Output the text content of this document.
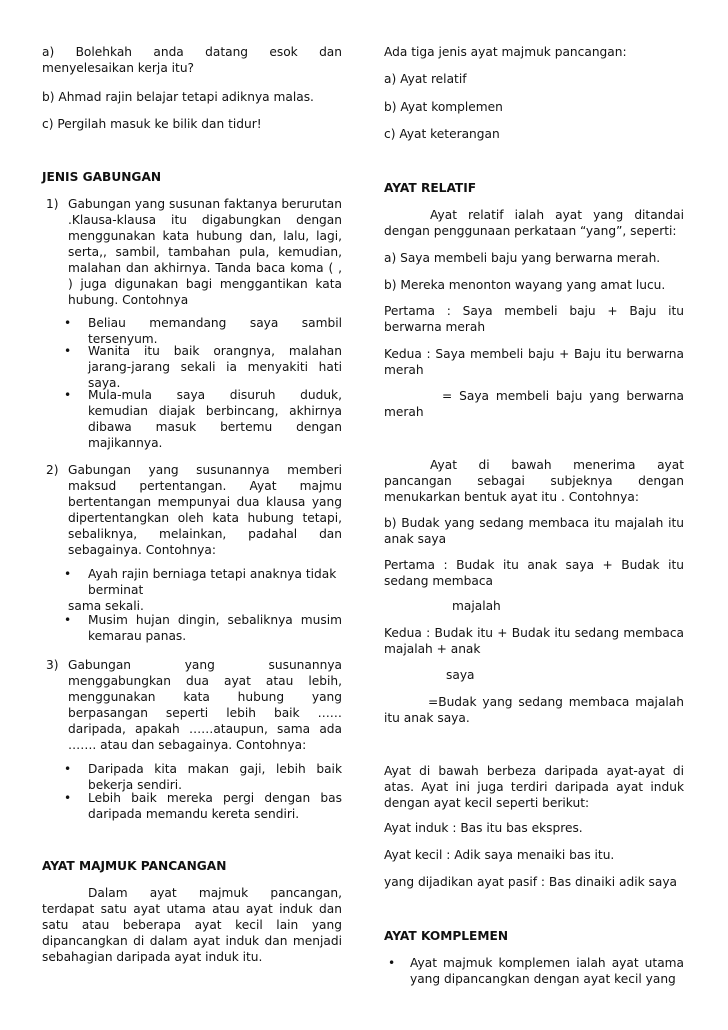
a) Bolehkah anda datang esok dan menyelesaikan kerja itu?

b) Ahmad rajin belajar tetapi adiknya malas.

c) Pergilah masuk ke bilik dan tidur!

JENIS GABUNGAN

1) Gabungan yang susunan faktanya berurutan .Klausa-klausa itu digabungkan dengan menggunakan kata hubung dan, lalu, lagi, serta,, sambil, tambahan pula, kemudian, malahan dan akhirnya. Tanda baca koma ( , ) juga digunakan bagi menggantikan kata hubung. Contohnya

• Beliau memandang saya sambil tersenyum.

• Wanita itu baik orangnya, malahan jarang-jarang sekali ia menyakiti hati saya.

• Mula-mula saya disuruh duduk, kemudian diajak berbincang, akhirnya dibawa masuk bertemu dengan majikannya.

2) Gabungan yang susunannya memberi maksud pertentangan. Ayat majmu bertentangan mempunyai dua klausa yang dipertentangkan oleh kata hubung tetapi, sebaliknya, melainkan, padahal dan sebagainya. Contohnya:

• Ayah rajin berniaga tetapi anaknya tidak berminat

sama sekali.

• Musim hujan dingin, sebaliknya musim kemarau panas.

3) Gabungan yang susunannya menggabungkan dua ayat atau lebih, menggunakan kata hubung yang berpasangan seperti lebih baik …… daripada, apakah ……ataupun, sama ada ……. atau dan sebagainya. Contohnya:

• Daripada kita makan gaji, lebih baik bekerja sendiri.

• Lebih baik mereka pergi dengan bas daripada memandu kereta sendiri.

AYAT MAJMUK PANCANGAN

Dalam ayat majmuk pancangan, terdapat satu ayat utama atau ayat induk dan satu atau beberapa ayat kecil lain yang dipancangkan di dalam ayat induk dan menjadi sebahagian daripada ayat induk itu.

Ada tiga jenis ayat majmuk pancangan:

a) Ayat relatif

b) Ayat komplemen

c) Ayat keterangan

AYAT RELATIF

Ayat relatif ialah ayat yang ditandai dengan penggunaan perkataan “yang”, seperti:

a) Saya membeli baju yang berwarna merah.

b) Mereka menonton wayang yang amat lucu.

Pertama : Saya membeli baju + Baju itu berwarna merah

Kedua : Saya membeli baju + Baju itu berwarna merah

= Saya membeli baju yang berwarna merah

Ayat di bawah menerima ayat pancangan sebagai subjeknya dengan menukarkan bentuk ayat itu . Contohnya:

b) Budak yang sedang membaca itu majalah itu anak saya

Pertama : Budak itu anak saya + Budak itu sedang membaca

majalah

Kedua : Budak itu + Budak itu sedang membaca majalah + anak

saya

=Budak yang sedang membaca majalah itu anak saya.

Ayat di bawah berbeza daripada ayat-ayat di atas. Ayat ini juga terdiri daripada ayat induk dengan ayat kecil seperti berikut:

Ayat induk : Bas itu bas ekspres.

Ayat kecil : Adik saya menaiki bas itu.

yang dijadikan ayat pasif : Bas dinaiki adik saya

AYAT KOMPLEMEN

• Ayat majmuk komplemen ialah ayat utama yang dipancangkan dengan ayat kecil yang
